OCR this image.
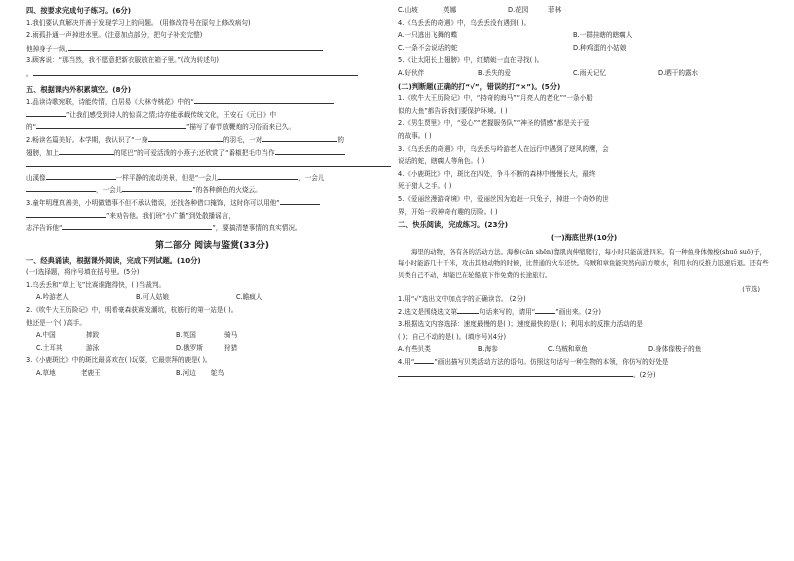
四、按要求完成句子练习。(6分)
1.我们要认真解决并善于发现学习上的问题。 (用修改符号在原句上修改病句)
2.雨孤扑通一声掉进水里。(注意加点部分，把句子补充完整)
他掉身子一纵,
3.顾客说：“那当然，我不愿意把新衣服放在箱子里。”(改为转述句)
。
五、根据课内外积累填空。(8分)
1.品读诗歌宛联，诗能传情，白居易《大林寺桃花》中的“
”让我们感受到诗人的惊喜之情;诗亦能承载传统文化，王安石《元日》中
的“	”描写了春节放鞭炮的习俗而来已久。
2.畅读名篇美好。本学期，我认识了“一身	的羽毛，一对	的
翅膀，加上	的尾巴”的可爱活泼的小燕子;还欣赏了“番椒把毛巾当作
山溪像	一样平静的流动美景，但是“一会儿	，一会儿
，一会儿	”的各种颜色的火烧云。
3.童年明理真善美，小明做错事不但不承认错误，还找各种借口掩饰，这时你可以用他“
”来劝告他。我们班“小广播”到处散播谣言，
志洋告诉他“	”，要搞清楚事情的真实情况。
第二部分 阅读与鉴赏(33分)
一、经典诵读，根据课外阅读，完成下列试题。(10分)
(一)选择题，将序号填在括号里。(5分)
1.乌丢丢和“草上飞”比赛谁跑得快，( )当裁判。
A.吟游老人	B.可人姑娘	C.瞻疯人
2.《吹牛大王历险记》中，明希豪森获赛发潮坑，杭筋行的第一站是( )。
他还是一个( )高手。
A.中国	摔跤	B.英国	骑马
C.土耳其	游泳	D.俄罗斯	狩猎
3.《小鹿斑比》中的斑比最喜欢在( )玩耍，它最崇拜的鹿是( )。
A.草地	老鹿王	B.河边 鸵鸟
C.山坡	英娜	D.花园	菲林
4.《乌丢丢的奇遇》中，乌丢丢没有遇到( )。
A.一只逃出飞舞的蝶	B.一群挂瞎的瞎瘸人
C.一条不会说话的蛇	D.种鸡蛋的小姑娘
5.《让太阳长上翅膀》中，红蜻蜓一直在寻找( )。
A.好伙伴	B.丢失的爱	C.雨天记忆	D.晒干的露水
(二)判断题(正确的打“√”，错误的打“×”)。(5分)
1.《吹牛大王历险记》中，“持奇的海马”“月亮人的老化”“一条小船
似的大鱼”都告诉我们要保护环境。( )
2.《男生贾里》中，“爱心”“老握服务队”“神圣的情感”都是关于爱
的故事。( )
3.《乌丢丢的奇遇》中，乌丢丢与吟游老人在远行中遇到了逆风的鹰，会
说话的蛇，瞎瘸人等角色。( )
4.《小鹿斑比》中，斑比在四处，争斗不断的森林中慢慢长大，最终
死于猎人之手。( )
5.《爱丽丝漫游奇境》中，爱丽丝因为追赶一只兔子，掉进一个奇妙的世
界，开始一段神奇有趣的历险。( )
二、快乐阅读，完成练习。(23分)
(一)海底世界(10分)
海里的动物，各有各的活动方法。海参(cān shēn)靠肌肉伸缩爬行，每小时只能前进四米。有一种鱼身体像梭(shuō suō)子，每小时能游几十千米，攻击其他动物的时候，比普通的火车还快。乌贼和章鱼能突然向前方喷水，利用水的反推力迅速后退。还有些贝类自己不动，却能巴在轮船底下作免费的长途旅行。
(节选)
1.用“√”选出文中加点字的正确读音。 (2分)
2.选文是围绕选文第	句话来写的，请用“	”画出来。(2分)
3.根据选文内容选择：速度最慢的是( )；速度最快的是( )；利用水的反推力活动的是
( )；自己不动的是( )。(填序号)(4分)
A.有些贝类	B.海参	C.乌贼和章鱼	D.身体像梭子的鱼
4.用“	”画出描写贝类活动方法的语句。仿照这句话写一种生物的本领，你仿写的好处是
。(2分)
